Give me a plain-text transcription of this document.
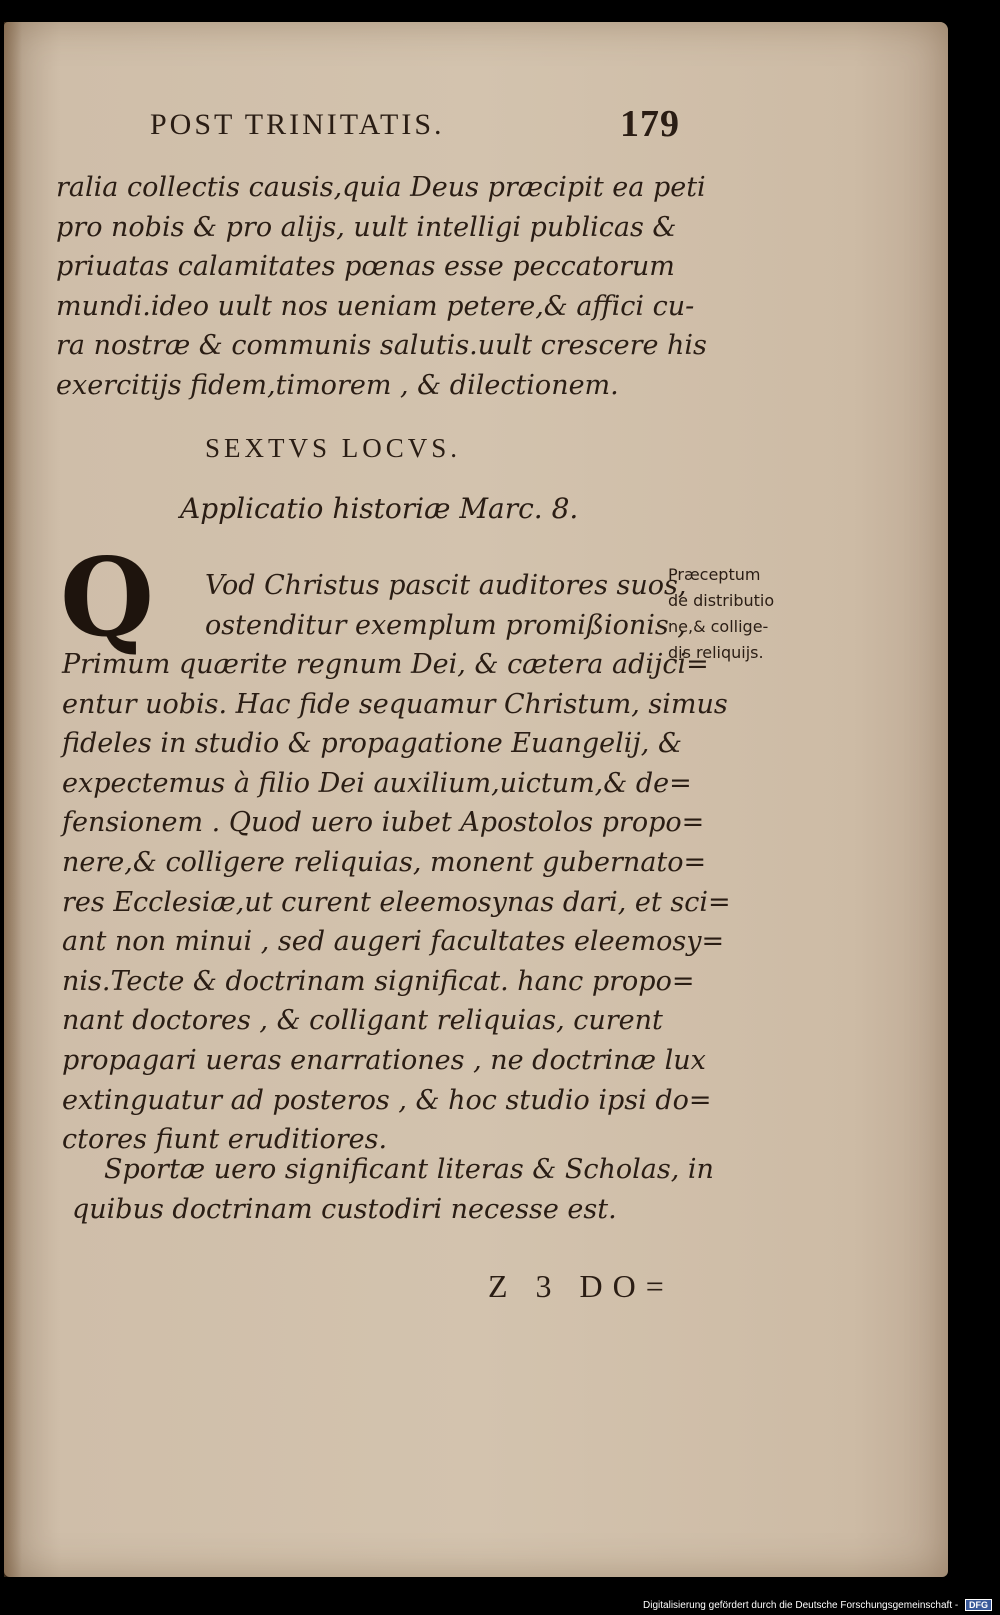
POST TRINITATIS.	179
ralia collectis causis,quia Deus præcipit ea peti
pro nobis & pro alijs, uult intelligi publicas &
priuatas calamitates pœnas esse peccatorum
mundi.ideo uult nos ueniam petere,& affici cu-
ra nostræ & communis salutis.uult crescere his
exercitijs fidem,timorem , & dilectionem.
SEXTVS LOCVS.
Applicatio historiæ Marc. 8.
Q	Vod Christus pascit auditores suos,
ostenditur exemplum promißionis ,
Primum quærite regnum Dei, & cætera adijci=
entur uobis. Hac fide sequamur Christum, simus
fideles in studio & propagatione Euangelij, &
expectemus à filio Dei auxilium,uictum,& de=
fensionem . Quod uero iubet Apostolos propo=
nere,& colligere reliquias, monent gubernato=
res Ecclesiæ,ut curent eleemosynas dari, et sci=
ant non minui , sed augeri facultates eleemosy=
nis.Tecte & doctrinam significat. hanc propo=
nant doctores , & colligant reliquias, curent
propagari ueras enarrationes , ne doctrinæ lux
extinguatur ad posteros , & hoc studio ipsi do=
ctores fiunt eruditiores.
Sportæ uero significant literas & Scholas, in
quibus doctrinam custodiri necesse est.
Præceptum
de distributio
ne,& collige-
dis reliquijs.
Z 3 DO=
Digitalisierung gefördert durch die Deutsche Forschungsgemeinschaft - DFG
